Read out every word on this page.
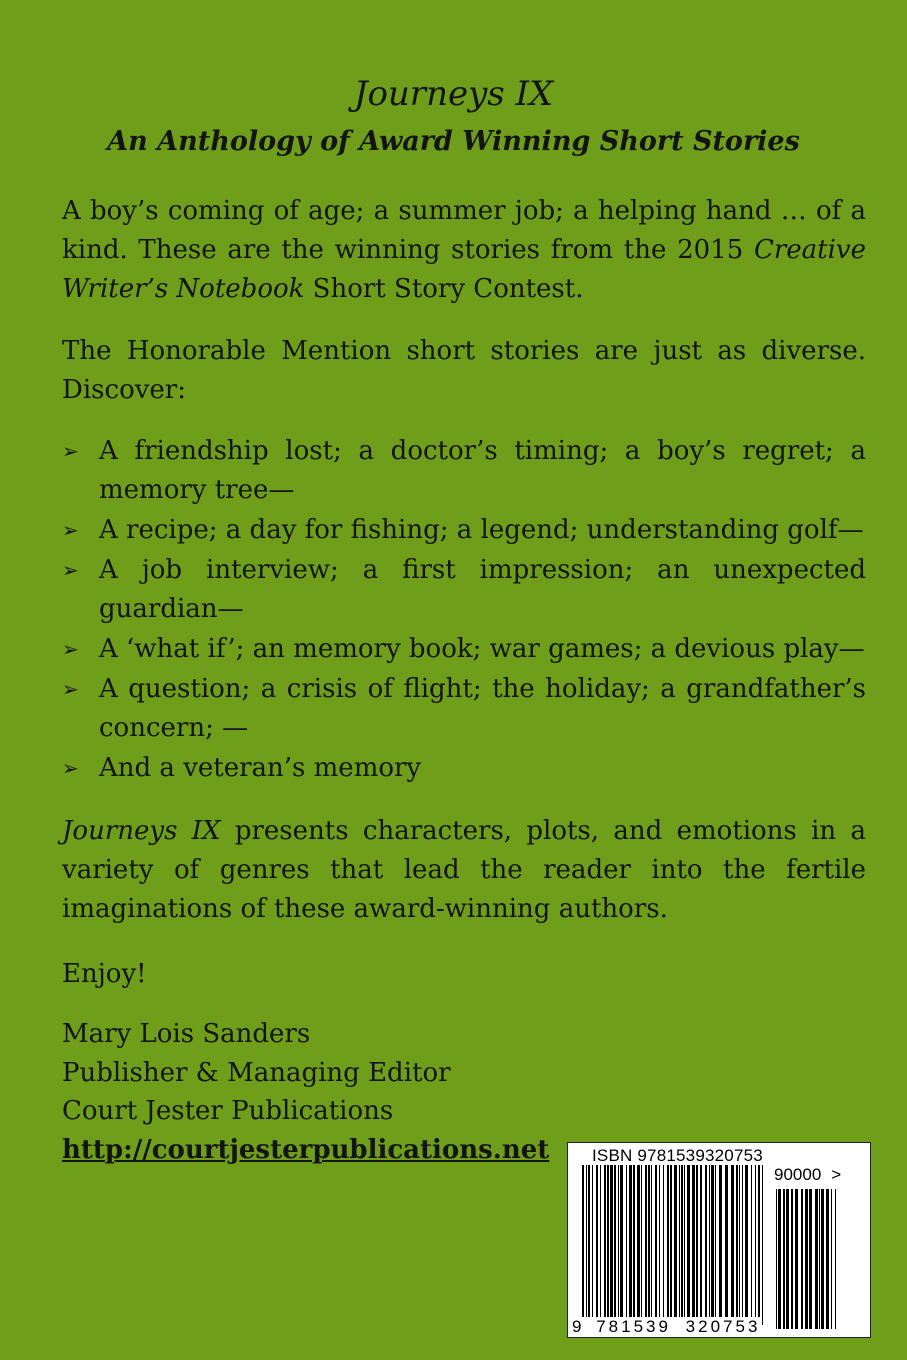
Journeys IX
An Anthology of Award Winning Short Stories
A boy’s coming of age; a summer job; a helping hand … of a kind. These are the winning stories from the 2015 Creative Writer’s Notebook Short Story Contest.
The Honorable Mention short stories are just as diverse. Discover:
➢ A friendship lost; a doctor’s timing; a boy’s regret; a memory tree—
➢ A recipe; a day for fishing; a legend; understanding golf—
➢ A job interview; a first impression; an unexpected guardian—
➢ A ‘what if’; an memory book; war games; a devious play—
➢ A question; a crisis of flight; the holiday; a grandfather’s concern; —
➢ And a veteran’s memory
Journeys IX presents characters, plots, and emotions in a variety of genres that lead the reader into the fertile imaginations of these award-winning authors.
Enjoy!
Mary Lois Sanders
Publisher & Managing Editor
Court Jester Publications
http://courtjesterpublications.net	ISBN 9781539320753
90000 >
9 781539 320753
